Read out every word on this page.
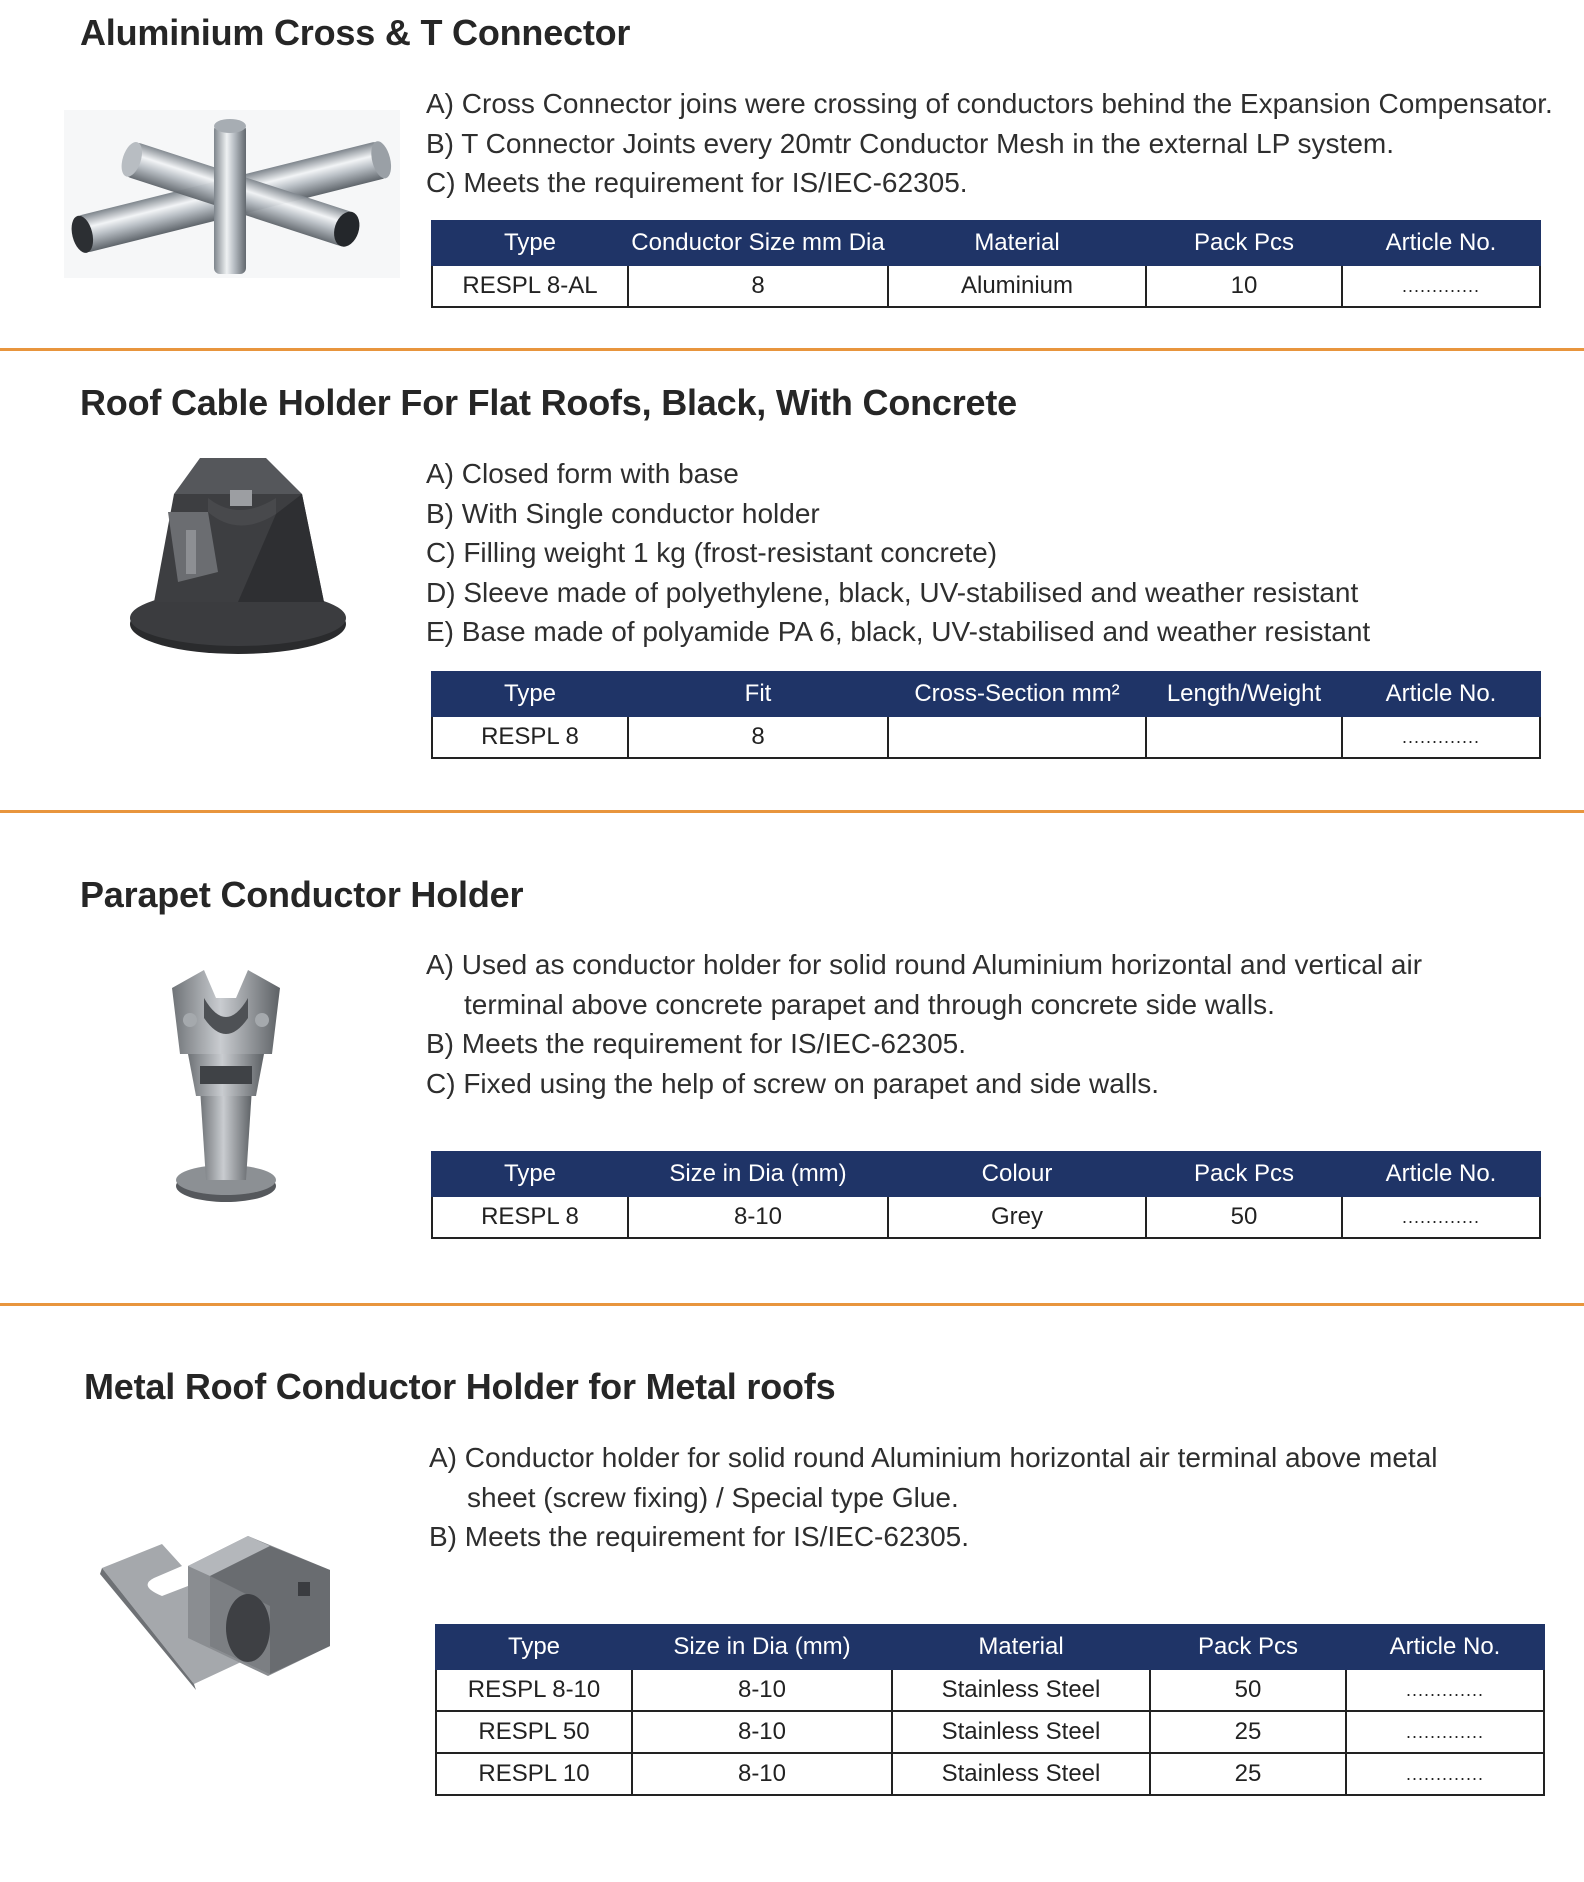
Aluminium Cross & T Connector
A) Cross Connector joins were crossing of conductors behind the Expansion Compensator.
B) T Connector Joints every 20mtr Conductor Mesh in the external LP system.
C) Meets the requirement for IS/IEC-62305.
Type	Conductor Size mm Dia	Material	Pack Pcs	Article No.
RESPL 8-AL	8	Aluminium	10	.............
Roof Cable Holder For Flat Roofs, Black, With Concrete
A) Closed form with base
B) With Single conductor holder
C) Filling weight 1 kg (frost-resistant concrete)
D) Sleeve made of polyethylene, black, UV-stabilised and weather resistant
E) Base made of polyamide PA 6, black, UV-stabilised and weather resistant
Type	Fit	Cross-Section mm²	Length/Weight	Article No.
RESPL 8	8			.............
Parapet Conductor Holder
A) Used as conductor holder for solid round Aluminium horizontal and vertical air
terminal above concrete parapet and through concrete side walls.
B) Meets the requirement for IS/IEC-62305.
C) Fixed using the help of screw on parapet and side walls.
Type	Size in Dia (mm)	Colour	Pack Pcs	Article No.
RESPL 8	8-10	Grey	50	.............
Metal Roof Conductor Holder for Metal roofs
A) Conductor holder for solid round Aluminium horizontal air terminal above metal
sheet (screw fixing) / Special type Glue.
B) Meets the requirement for IS/IEC-62305.
Type	Size in Dia (mm)	Material	Pack Pcs	Article No.
RESPL 8-10	8-10	Stainless Steel	50	.............
RESPL 50	8-10	Stainless Steel	25	.............
RESPL 10	8-10	Stainless Steel	25	.............
